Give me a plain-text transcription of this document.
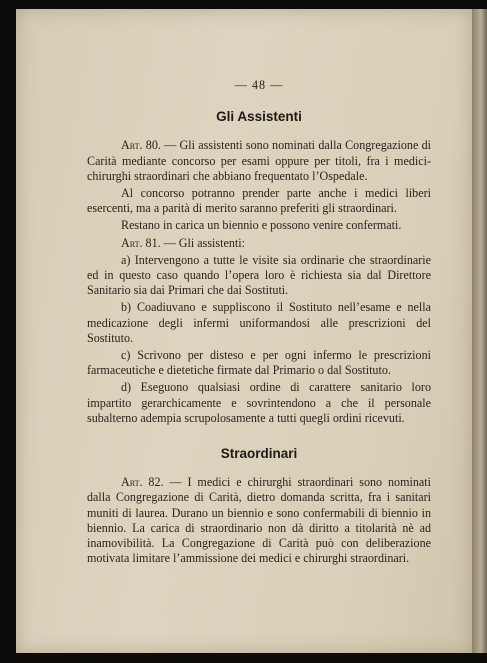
— 48 —
Gli Assistenti

Art. 80. — Gli assistenti sono nominati dalla Congregazione di Carità mediante concorso per esami oppure per titoli, fra i medici-chirurghi straordinari che abbiano frequentato l’Ospedale.

Al concorso potranno prender parte anche i medici liberi esercenti, ma a parità di merito saranno preferiti gli straordinari.

Restano in carica un biennio e possono venire confermati.

Art. 81. — Gli assistenti:

a) Intervengono a tutte le visite sia ordinarie che straordinarie ed in questo caso quando l’opera loro è richiesta sia dal Direttore Sanitario sia dai Primari che dai Sostituti.

b) Coadiuvano e suppliscono il Sostituto nell’esame e nella medicazione degli infermi uniformandosi alle prescrizioni del Sostituto.

c) Scrivono per disteso e per ogni infermo le prescrizioni farmaceutiche e dietetiche firmate dal Primario o dal Sostituto.

d) Eseguono qualsiasi ordine di carattere sanitario loro impartito gerarchicamente e sovrintendono a che il personale subalterno adempia scrupolosamente a tutti quegli ordini ricevuti.

Straordinari

Art. 82. — I medici e chirurghi straordinari sono nominati dalla Congregazione di Carità, dietro domanda scritta, fra i sanitari muniti di laurea. Durano un biennio e sono confermabili di biennio in biennio. La carica di straordinario non dà diritto a titolarità nè ad inamovibilità. La Congregazione di Carità può con deliberazione motivata limitare l’ammissione dei medici e chirurghi straordinari.
